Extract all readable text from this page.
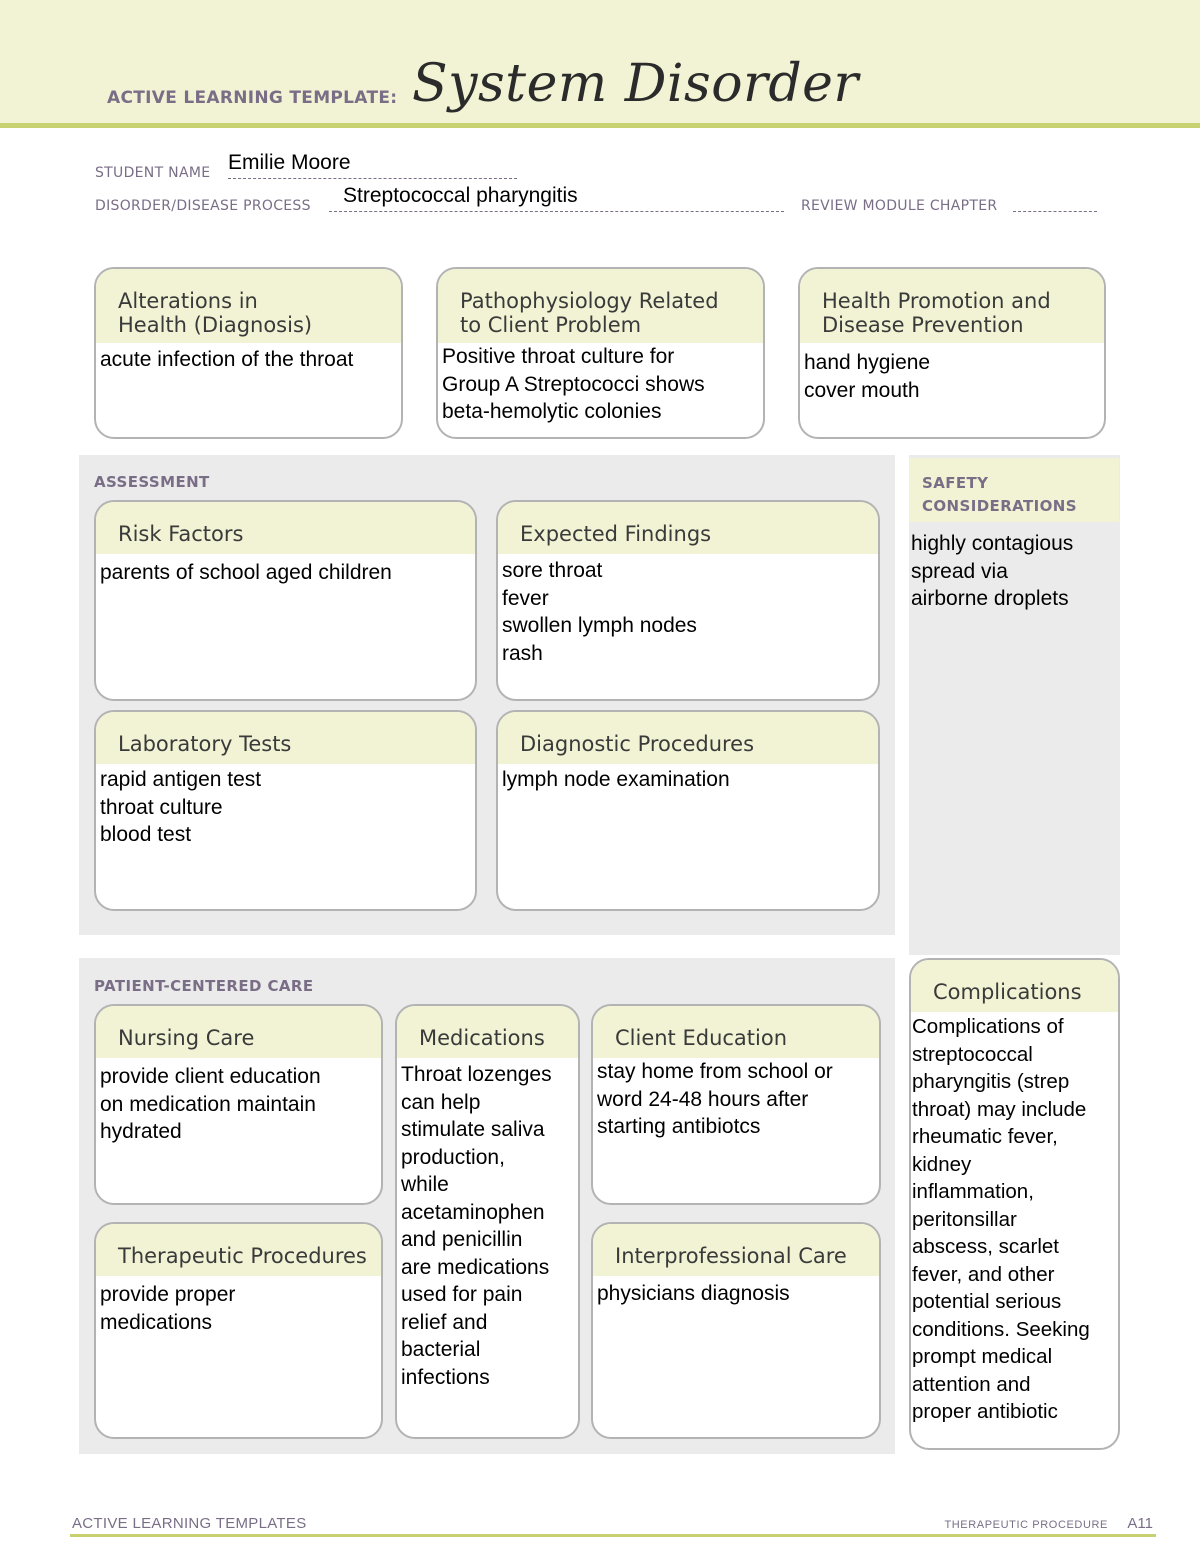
ACTIVE LEARNING TEMPLATE: System Disorder
STUDENT NAME Emilie Moore
DISORDER/DISEASE PROCESS Streptococcal pharyngitis	REVIEW MODULE CHAPTER
Alterations in
Health (Diagnosis)
acute infection of the throat
Pathophysiology Related
to Client Problem
Positive throat culture for
Group A Streptococci shows
beta-hemolytic colonies
Health Promotion and
Disease Prevention
hand hygiene
cover mouth
ASSESSMENT
Risk Factors
parents of school aged children
Expected Findings
sore throat
fever
swollen lymph nodes
rash
Laboratory Tests
rapid antigen test
throat culture
blood test
Diagnostic Procedures
lymph node examination
SAFETY
CONSIDERATIONS
highly contagious
spread via
airborne droplets
PATIENT-CENTERED CARE
Nursing Care
provide client education
on medication maintain
hydrated
Medications
Throat lozenges
can help
stimulate saliva
production,
while
acetaminophen
and penicillin
are medications
used for pain
relief and
bacterial
infections
Client Education
stay home from school or
word 24-48 hours after
starting antibiotcs
Therapeutic Procedures
provide proper
medications
Interprofessional Care
physicians diagnosis
Complications
Complications of
streptococcal
pharyngitis (strep
throat) may include
rheumatic fever,
kidney
inflammation,
peritonsillar
abscess, scarlet
fever, and other
potential serious
conditions. Seeking
prompt medical
attention and
proper antibiotic
ACTIVE LEARNING TEMPLATES	THERAPEUTIC PROCEDURE A11
